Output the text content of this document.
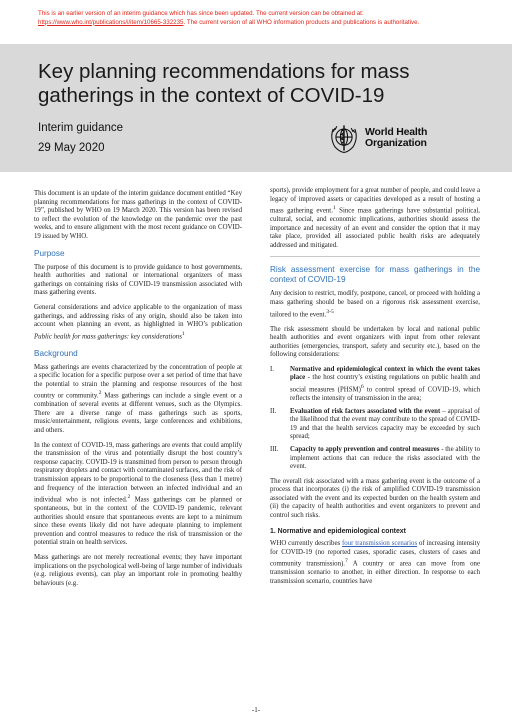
This is an earlier version of an interim guidance which has since been updated. The current version can be obtained at:
https://www.who.int/publications/i/item/10665-332235. The current version of all WHO information products and publications is authoritative.
Key planning recommendations for mass gatherings in the context of COVID-19
Interim guidance
29 May 2020
World Health
Organization

This document is an update of the interim guidance document entitled “Key planning recommendations for mass gatherings in the context of COVID-19”, published by WHO on 19 March 2020. This version has been revised to reflect the evolution of the knowledge on the pandemic over the past weeks, and to ensure alignment with the most recent guidance on COVID-19 issued by WHO.

Purpose

The purpose of this document is to provide guidance to host governments, health authorities and national or international organizers of mass gatherings on containing risks of COVID-19 transmission associated with mass gathering events.

General considerations and advice applicable to the organization of mass gatherings, and addressing risks of any origin, should also be taken into account when planning an event, as highlighted in WHO’s publication Public health for mass gatherings: key considerations$^1$

Background

Mass gatherings are events characterized by the concentration of people at a specific location for a specific purpose over a set period of time that have the potential to strain the planning and response resources of the host country or community.$^2$ Mass gatherings can include a single event or a combination of several events at different venues, such as the Olympics. There are a diverse range of mass gatherings such as sports, music/entertainment, religious events, large conferences and exhibitions, and others.

In the context of COVID-19, mass gatherings are events that could amplify the transmission of the virus and potentially disrupt the host country’s response capacity. COVID-19 is transmitted from person to person through respiratory droplets and contact with contaminated surfaces, and the risk of transmission appears to be proportional to the closeness (less than 1 metre) and frequency of the interaction between an infected individual and an individual who is not infected.$^2$ Mass gatherings can be planned or spontaneous, but in the context of the COVID-19 pandemic, relevant authorities should ensure that spontaneous events are kept to a minimum since these events likely did not have adequate planning to implement prevention and control measures to reduce the risk of transmission or the potential strain on health services.

Mass gatherings are not merely recreational events; they have important implications on the psychological well-being of large number of individuals (e.g. religious events), can play an important role in promoting healthy behaviours (e.g.

sports), provide employment for a great number of people, and could leave a legacy of improved assets or capacities developed as a result of hosting a mass gathering event.$^1$ Since mass gatherings have substantial political, cultural, social, and economic implications, authorities should assess the importance and necessity of an event and consider the option that it may take place, provided all associated public health risks are adequately addressed and mitigated.

Risk assessment exercise for mass gatherings in the context of COVID-19

Any decision to restrict, modify, postpone, cancel, or proceed with holding a mass gathering should be based on a rigorous risk assessment exercise, tailored to the event.$^{3-5}$

The risk assessment should be undertaken by local and national public health authorities and event organizers with input from other relevant authorities (emergencies, transport, safety and security etc.), based on the following considerations:

I.	Normative and epidemiological context in which the event takes place - the host country’s existing regulations on public health and social measures (PHSM)$^6$ to control spread of COVID-19, which reflects the intensity of transmission in the area;
II.	Evaluation of risk factors associated with the event – appraisal of the likelihood that the event may contribute to the spread of COVID-19 and that the health services capacity may be exceeded by such spread;
III.	Capacity to apply prevention and control measures - the ability to implement actions that can reduce the risks associated with the event.

The overall risk associated with a mass gathering event is the outcome of a process that incorporates (i) the risk of amplified COVID-19 transmission associated with the event and its expected burden on the health system and (ii) the capacity of health authorities and event organizers to prevent and control such risks.

1. Normative and epidemiological context

WHO currently describes four transmission scenarios of increasing intensity for COVID-19 (no reported cases, sporadic cases, clusters of cases and community transmission).$^7$ A country or area can move from one transmission scenario to another, in either direction. In response to each transmission scenario, countries have

-1-
